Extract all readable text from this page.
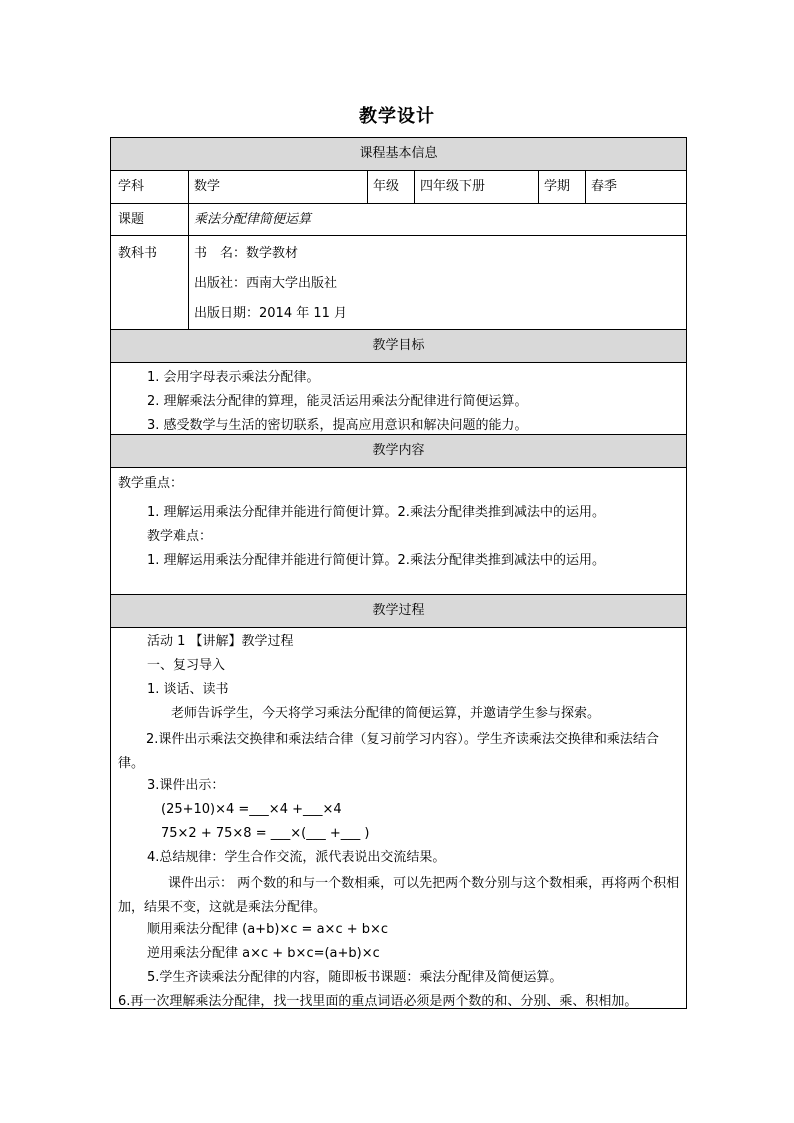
教学设计
课程基本信息
学科	数学	年级 四年级下册	学期 春季
课题	乘法分配律简便运算
教科书	书　名：数学教材
出版社：西南大学出版社
出版日期：2014 年 11 月
教学目标
1. 会用字母表示乘法分配律。
2. 理解乘法分配律的算理，能灵活运用乘法分配律进行简便运算。
3. 感受数学与生活的密切联系，提高应用意识和解决问题的能力。
教学内容
教学重点：
1. 理解运用乘法分配律并能进行简便计算。2.乘法分配律类推到减法中的运用。
教学难点：
1. 理解运用乘法分配律并能进行简便计算。2.乘法分配律类推到减法中的运用。
教学过程
活动 1 【讲解】教学过程
一、复习导入
1. 谈话、读书
老师告诉学生，今天将学习乘法分配律的简便运算，并邀请学生参与探索。
2.课件出示乘法交换律和乘法结合律（复习前学习内容）。学生齐读乘法交换律和乘法结合律。
3.课件出示：
(25+10)×4 =___×4 +___×4
75×2 + 75×8 = ___×(___ +___ )
4.总结规律：学生合作交流，派代表说出交流结果。
课件出示： 两个数的和与一个数相乘，可以先把两个数分别与这个数相乘，再将两个积相加，结果不变，这就是乘法分配律。
顺用乘法分配律 (a+b)×c = a×c + b×c
逆用乘法分配律 a×c + b×c=(a+b)×c
5.学生齐读乘法分配律的内容，随即板书课题：乘法分配律及简便运算。
6.再一次理解乘法分配律，找一找里面的重点词语必须是两个数的和、分别、乘、积相加。
